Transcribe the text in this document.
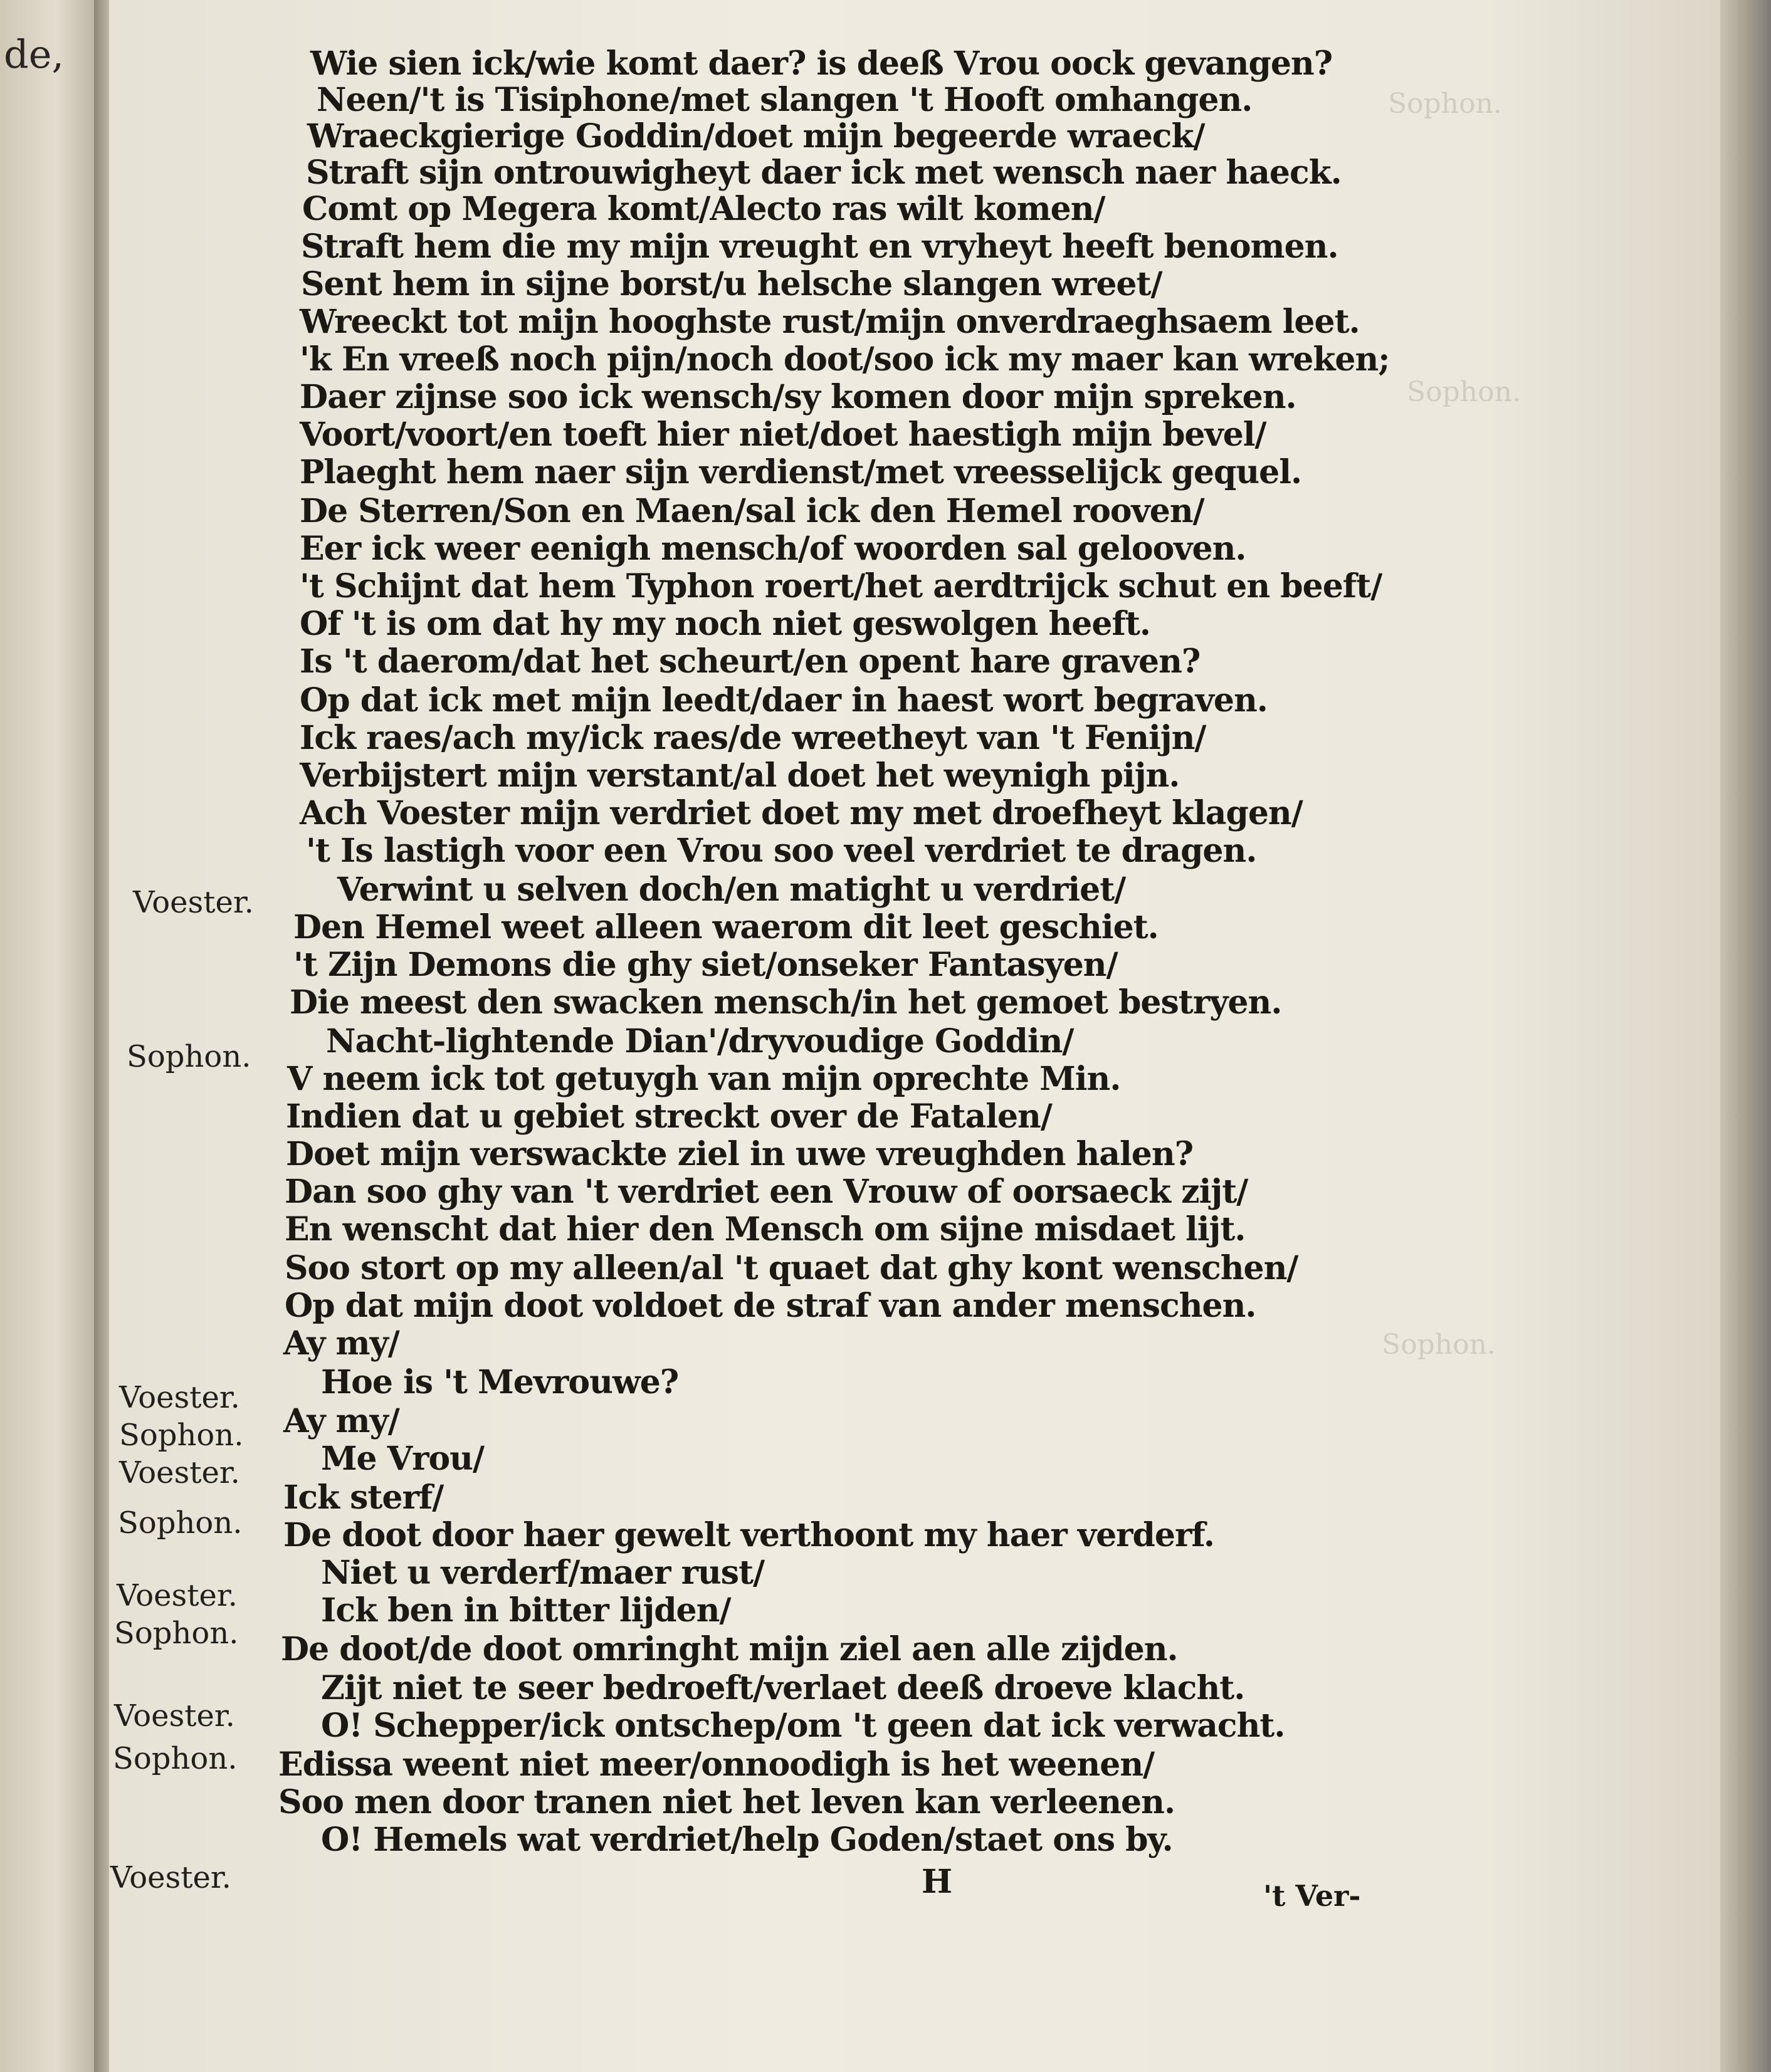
de,
Sophon.
Sophon.
Sophon.
Wie sien ick/wie komt daer? is deeß Vrou oock gevangen?
Neen/'t is Tisiphone/met slangen 't Hooft omhangen.
Wraeckgierige Goddin/doet mijn begeerde wraeck/
Straft sijn ontrouwigheyt daer ick met wensch naer haeck.
Comt op Megera komt/Alecto ras wilt komen/
Straft hem die my mijn vreught en vryheyt heeft benomen.
Sent hem in sijne borst/u helsche slangen wreet/
Wreeckt tot mijn hooghste rust/mijn onverdraeghsaem leet.
'k En vreeß noch pijn/noch doot/soo ick my maer kan wreken;
Daer zijnse soo ick wensch/sy komen door mijn spreken.
Voort/voort/en toeft hier niet/doet haestigh mijn bevel/
Plaeght hem naer sijn verdienst/met vreesselijck gequel.
De Sterren/Son en Maen/sal ick den Hemel rooven/
Eer ick weer eenigh mensch/of woorden sal gelooven.
't Schijnt dat hem Typhon roert/het aerdtrijck schut en beeft/
Of 't is om dat hy my noch niet geswolgen heeft.
Is 't daerom/dat het scheurt/en opent hare graven?
Op dat ick met mijn leedt/daer in haest wort begraven.
Ick raes/ach my/ick raes/de wreetheyt van 't Fenijn/
Verbijstert mijn verstant/al doet het weynigh pijn.
Ach Voester mijn verdriet doet my met droefheyt klagen/
't Is lastigh voor een Vrou soo veel verdriet te dragen.
Verwint u selven doch/en matight u verdriet/
Den Hemel weet alleen waerom dit leet geschiet.
't Zijn Demons die ghy siet/onseker Fantasyen/
Die meest den swacken mensch/in het gemoet bestryen.
Nacht-lightende Dian'/dryvoudige Goddin/
V neem ick tot getuygh van mijn oprechte Min.
Indien dat u gebiet streckt over de Fatalen/
Doet mijn verswackte ziel in uwe vreughden halen?
Dan soo ghy van 't verdriet een Vrouw of oorsaeck zijt/
En wenscht dat hier den Mensch om sijne misdaet lijt.
Soo stort op my alleen/al 't quaet dat ghy kont wenschen/
Op dat mijn doot voldoet de straf van ander menschen.
Ay my/
Hoe is 't Mevrouwe?
Ay my/
Me Vrou/
Ick sterf/
De doot door haer gewelt verthoont my haer verderf.
Niet u verderf/maer rust/
Ick ben in bitter lijden/
De doot/de doot omringht mijn ziel aen alle zijden.
Zijt niet te seer bedroeft/verlaet deeß droeve klacht.
O! Schepper/ick ontschep/om 't geen dat ick verwacht.
Edissa weent niet meer/onnoodigh is het weenen/
Soo men door tranen niet het leven kan verleenen.
O! Hemels wat verdriet/help Goden/staet ons by.
Voester.
Sophon.
Voester.
Sophon.
Voester.
Sophon.
Voester.
Sophon.
Voester.
Sophon.
Voester.	H	't Ver-
